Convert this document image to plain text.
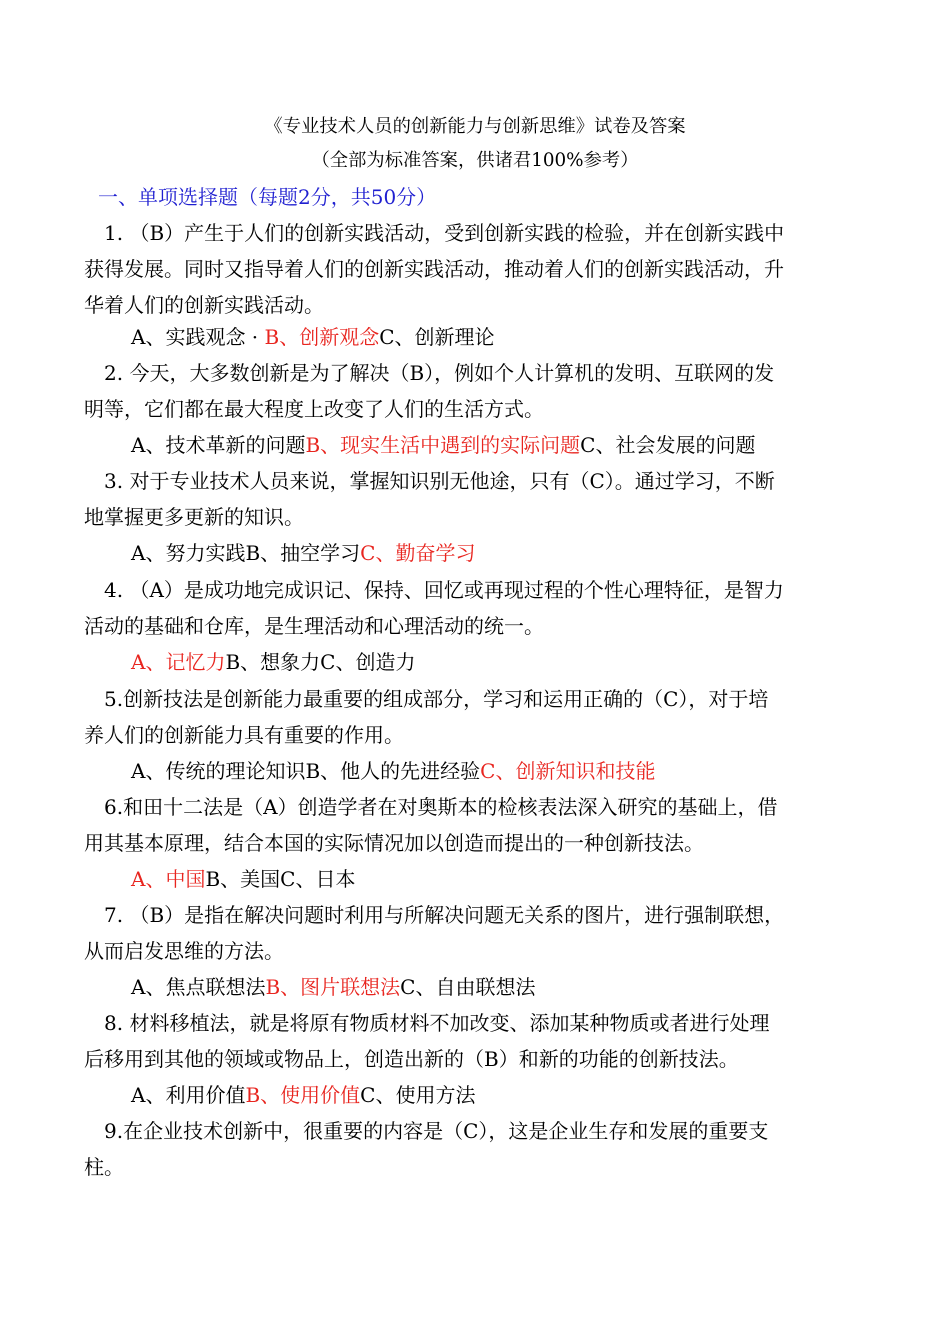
《专业技术人员的创新能力与创新思维》试卷及答案
（全部为标准答案，供诸君100%参考）
一、单项选择题（每题2分，共50分）
1. （B）产生于人们的创新实践活动，受到创新实践的检验，并在创新实践中
获得发展。同时又指导着人们的创新实践活动，推动着人们的创新实践活动，升
华着人们的创新实践活动。
A、实践观念 · B、创新观念C、创新理论
2. 今天，大多数创新是为了解决（B），例如个人计算机的发明、互联网的发
明等，它们都在最大程度上改变了人们的生活方式。
A、技术革新的问题B、现实生活中遇到的实际问题C、社会发展的问题
3. 对于专业技术人员来说，掌握知识别无他途，只有（C）。通过学习，不断
地掌握更多更新的知识。
A、努力实践B、抽空学习C、勤奋学习
4. （A）是成功地完成识记、保持、回忆或再现过程的个性心理特征，是智力
活动的基础和仓库，是生理活动和心理活动的统一。
A、记忆力B、想象力C、创造力
5.创新技法是创新能力最重要的组成部分，学习和运用正确的（C），对于培
养人们的创新能力具有重要的作用。
A、传统的理论知识B、他人的先进经验C、创新知识和技能
6.和田十二法是（A）创造学者在对奥斯本的检核表法深入研究的基础上，借
用其基本原理，结合本国的实际情况加以创造而提出的一种创新技法。
A、中国B、美国C、日本
7. （B）是指在解决问题时利用与所解决问题无关系的图片，进行强制联想，
从而启发思维的方法。
A、焦点联想法B、图片联想法C、自由联想法
8. 材料移植法，就是将原有物质材料不加改变、添加某种物质或者进行处理
后移用到其他的领域或物品上，创造出新的（B）和新的功能的创新技法。
A、利用价值B、使用价值C、使用方法
9.在企业技术创新中，很重要的内容是（C），这是企业生存和发展的重要支
柱。
